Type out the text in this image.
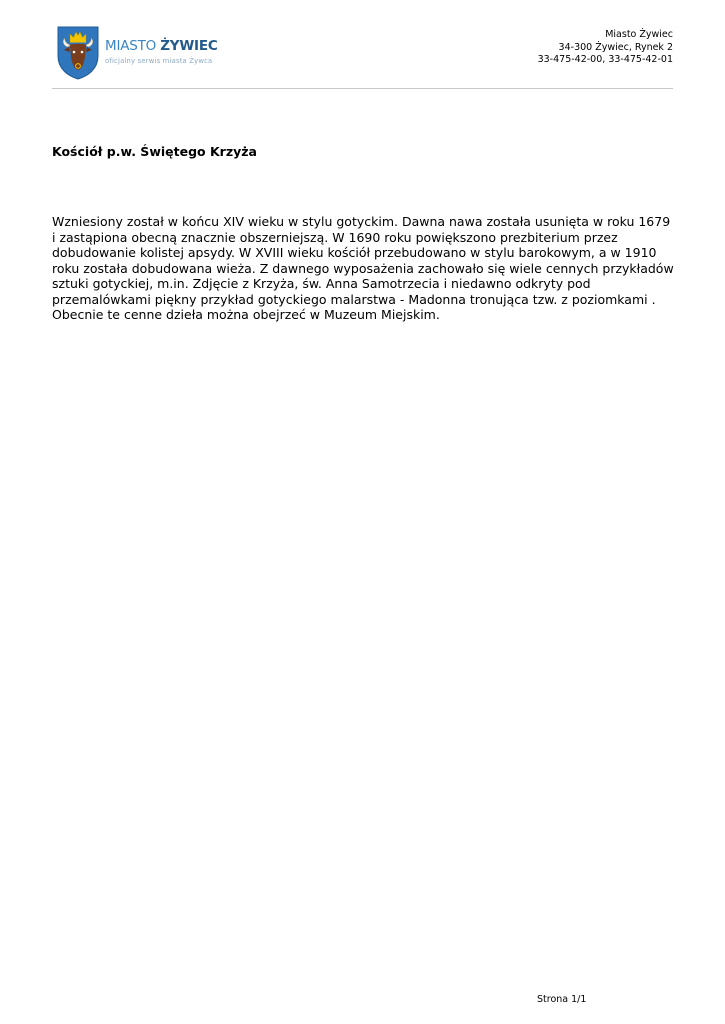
MIASTO ŻYWIEC
oficjalny serwis miasta Żywca
Miasto Żywiec
34-300 Żywiec, Rynek 2
33-475-42-00, 33-475-42-01
Kościół p.w. Świętego Krzyża

Wzniesiony został w końcu XIV wieku w stylu gotyckim. Dawna nawa została usunięta w roku 1679 i zastąpiona obecną znacznie obszerniejszą. W 1690 roku powiększono prezbiterium przez dobudowanie kolistej apsydy. W XVIII wieku kościół przebudowano w stylu barokowym, a w 1910 roku została dobudowana wieża. Z dawnego wyposażenia zachowało się wiele cennych przykładów sztuki gotyckiej, m.in. Zdjęcie z Krzyża, św. Anna Samotrzecia i niedawno odkryty pod przemalówkami piękny przykład gotyckiego malarstwa - Madonna tronująca tzw. z poziomkami . Obecnie te cenne dzieła można obejrzeć w Muzeum Miejskim.

Strona 1/1
